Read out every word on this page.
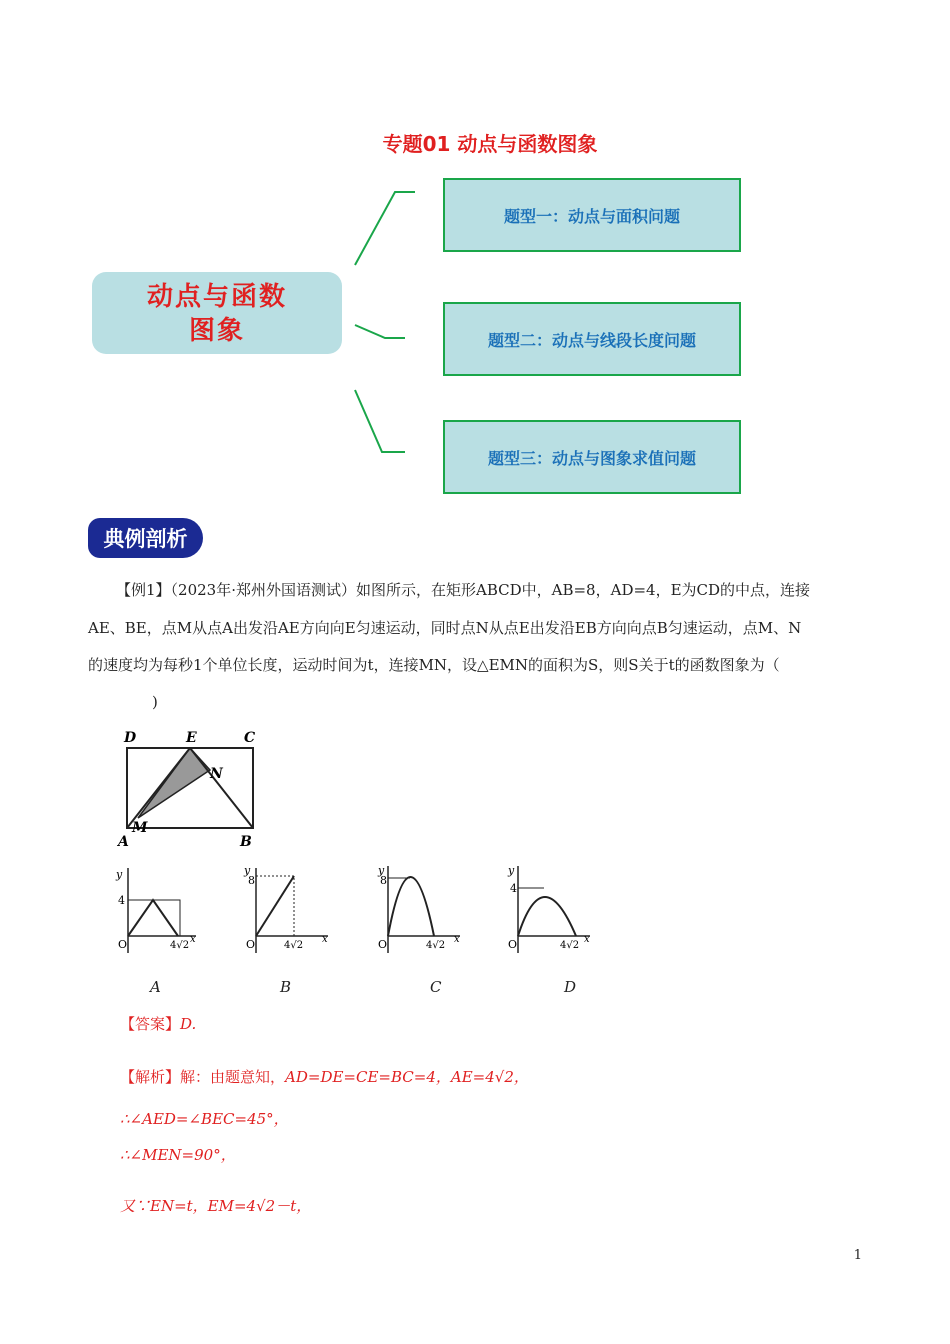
专题01 动点与函数图象
动点与函数
图象
题型一：动点与面积问题
题型二：动点与线段长度问题
题型三：动点与图象求值问题
典例剖析
【例1】（2023年·郑州外国语测试）如图所示，在矩形ABCD中，AB=8，AD=4，E为CD的中点，连接
AE、BE，点M从点A出发沿AE方向向E匀速运动，同时点N从点E出发沿EB方向向点B匀速运动，点M、N
的速度均为每秒1个单位长度，运动时间为t，连接MN，设△EMN的面积为S，则S关于t的函数图象为（
)
D	E	C
N
M
A	B
y
4
O	4√2
x
y
8
O	4√2
x
y
8
O	4√2
x
y
4
O	4√2
x
A	B	C	D
【答案】D.
【解析】解：由题意知，AD=DE=CE=BC=4，AE=4√2，
∴∠AED=∠BEC=45°，
∴∠MEN=90°，
又∵EN=t，EM=4√2－t，
1
